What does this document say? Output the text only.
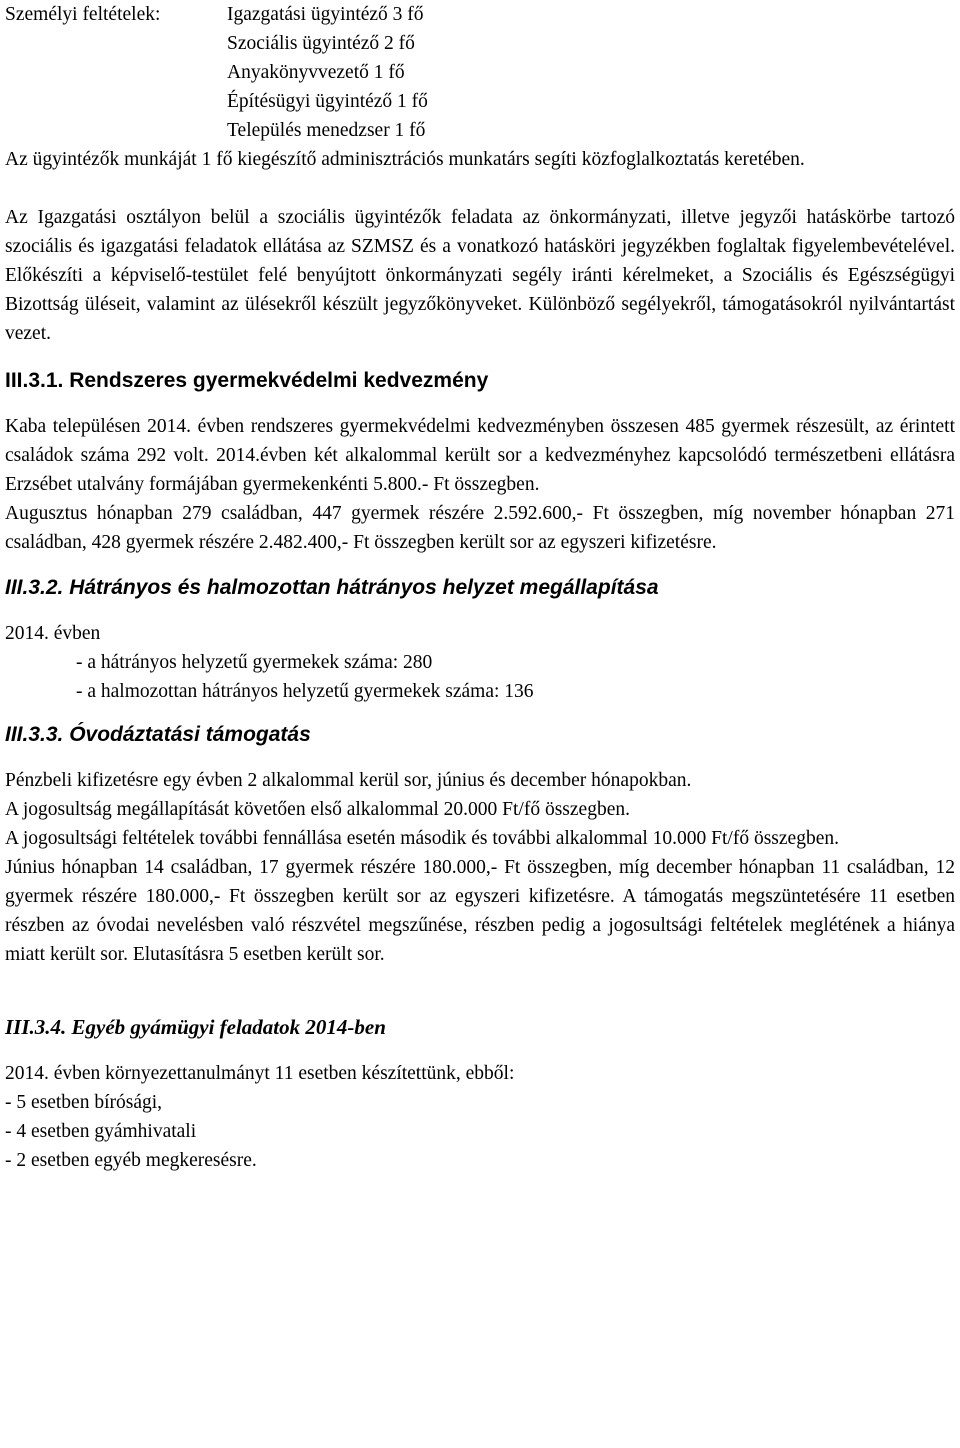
Személyi feltételek:	Igazgatási ügyintéző 3 fő
Szociális ügyintéző 2 fő
Anyakönyvvezető 1 fő
Építésügyi ügyintéző 1 fő
Település menedzser 1 fő

Az ügyintézők munkáját 1 fő kiegészítő adminisztrációs munkatárs segíti közfoglalkoztatás keretében.

Az Igazgatási osztályon belül a szociális ügyintézők feladata az önkormányzati, illetve jegyzői hatáskörbe tartozó szociális és igazgatási feladatok ellátása az SZMSZ és a vonatkozó hatásköri jegyzékben foglaltak figyelembevételével. Előkészíti a képviselő-testület felé benyújtott önkormányzati segély iránti kérelmeket, a Szociális és Egészségügyi Bizottság üléseit, valamint az ülésekről készült jegyzőkönyveket. Különböző segélyekről, támogatásokról nyilvántartást vezet.

III.3.1. Rendszeres gyermekvédelmi kedvezmény

Kaba településen 2014. évben rendszeres gyermekvédelmi kedvezményben összesen 485 gyermek részesült, az érintett családok száma 292 volt. 2014.évben két alkalommal került sor a kedvezményhez kapcsolódó természetbeni ellátásra Erzsébet utalvány formájában gyermekenkénti 5.800.- Ft összegben.

Augusztus hónapban 279 családban, 447 gyermek részére 2.592.600,- Ft összegben, míg november hónapban 271 családban, 428 gyermek részére 2.482.400,- Ft összegben került sor az egyszeri kifizetésre.

III.3.2. Hátrányos és halmozottan hátrányos helyzet megállapítása

2014. évben

- a hátrányos helyzetű gyermekek száma: 280

- a halmozottan hátrányos helyzetű gyermekek száma: 136

III.3.3. Óvodáztatási támogatás

Pénzbeli kifizetésre egy évben 2 alkalommal kerül sor, június és december hónapokban.

A jogosultság megállapítását követően első alkalommal 20.000 Ft/fő összegben.

A jogosultsági feltételek további fennállása esetén második és további alkalommal 10.000 Ft/fő összegben.

Június hónapban 14 családban, 17 gyermek részére 180.000,- Ft összegben, míg december hónapban 11 családban, 12 gyermek részére 180.000,- Ft összegben került sor az egyszeri kifizetésre. A támogatás megszüntetésére 11 esetben részben az óvodai nevelésben való részvétel megszűnése, részben pedig a jogosultsági feltételek meglétének a hiánya miatt került sor. Elutasításra 5 esetben került sor.

III.3.4. Egyéb gyámügyi feladatok 2014-ben

2014. évben környezettanulmányt 11 esetben készítettünk, ebből:

- 5 esetben bírósági,

- 4 esetben gyámhivatali

- 2 esetben egyéb megkeresésre.
